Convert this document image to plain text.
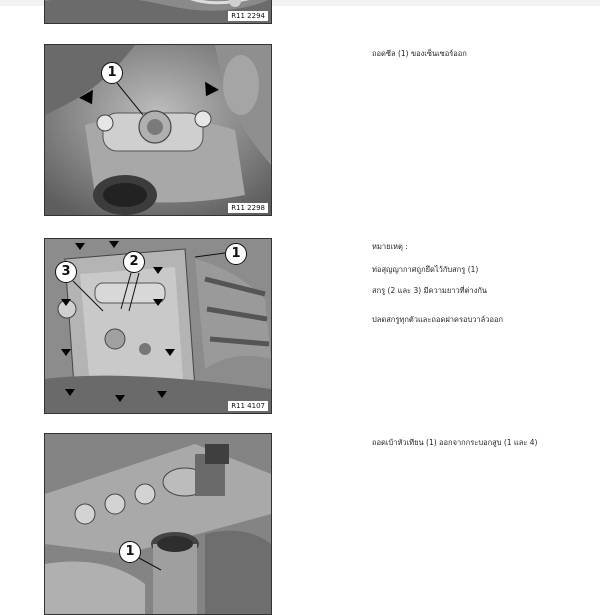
R11 2294
1
R11 2298
1
2
3
R11 4107
1
ถอดซีล (1) ของเซ็นเซอร์ออก
หมายเหตุ :
ท่อสุญญากาศถูกยึดไว้กับสกรู (1)
สกรู (2 และ 3) มีความยาวที่ต่างกัน
ปลดสกรูทุกตัวและถอดฝาครอบวาล์วออก
ถอดเบ้าหัวเทียน (1) ออกจากกระบอกสูบ (1 และ 4)
